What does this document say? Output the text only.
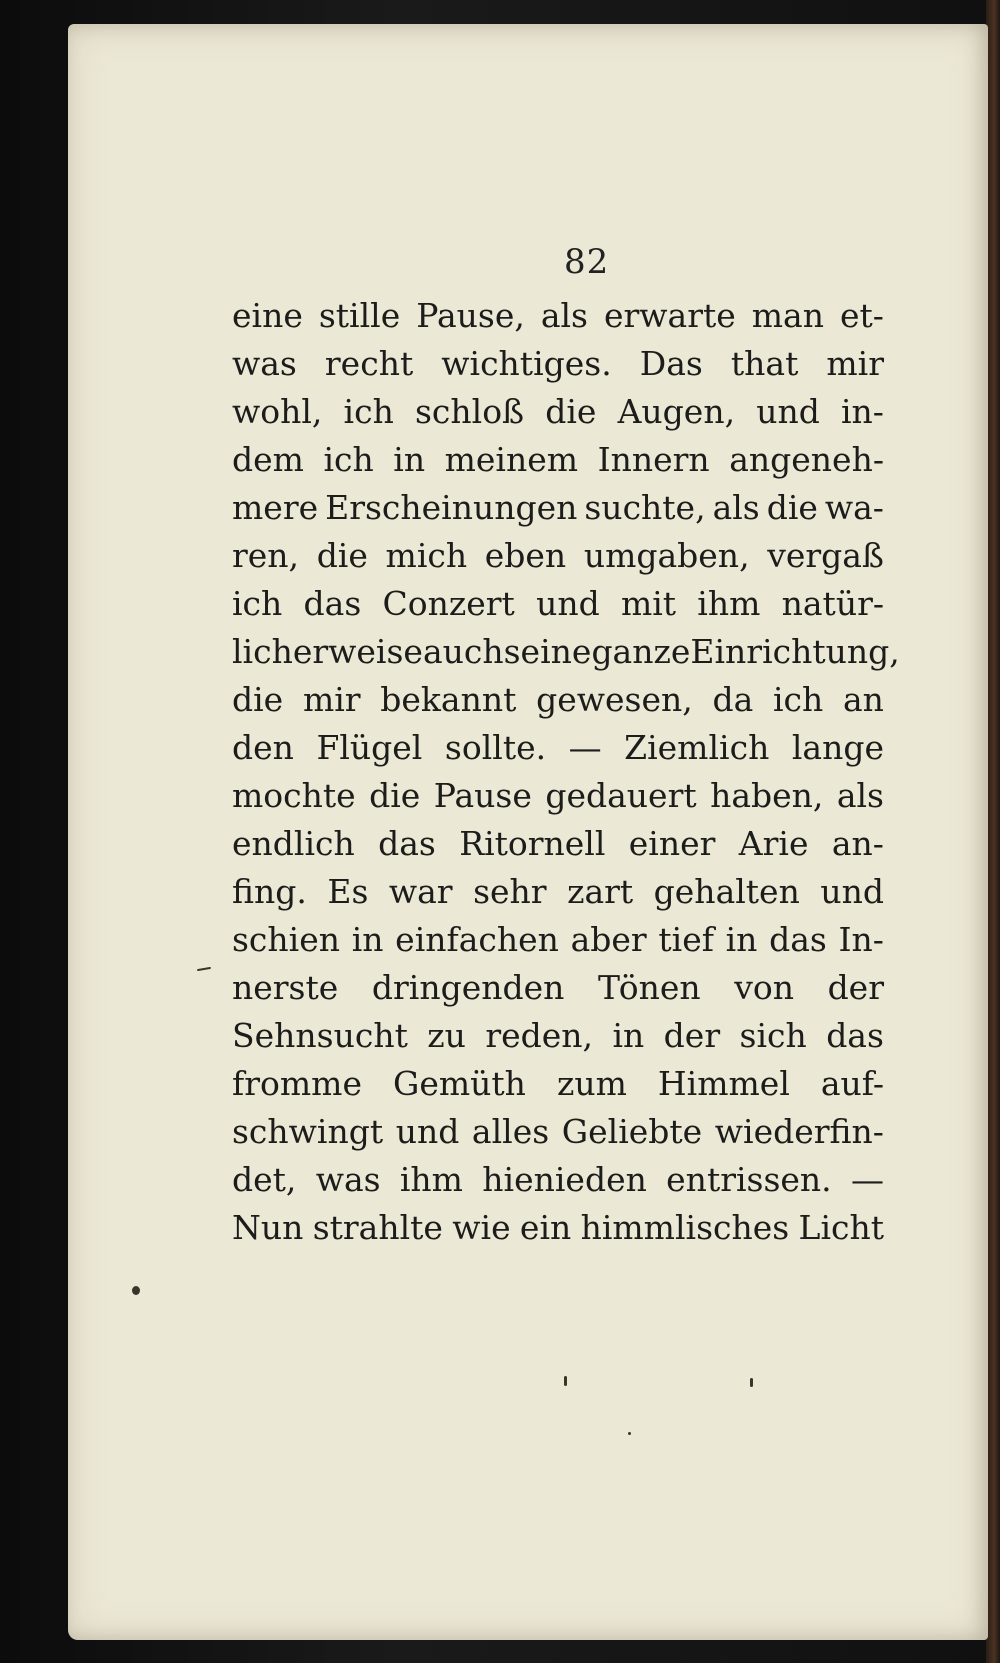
82
eine stille Pause, als erwarte man et-
was recht wichtiges. Das that mir
wohl, ich schloß die Augen, und in-
dem ich in meinem Innern angeneh-
mere Erscheinungen suchte, als die wa-
ren, die mich eben umgaben, vergaß
ich das Conzert und mit ihm natür-
licherweise auch seine ganze Einrichtung,
die mir bekannt gewesen, da ich an
den Flügel sollte. — Ziemlich lange
mochte die Pause gedauert haben, als
endlich das Ritornell einer Arie an-
fing. Es war sehr zart gehalten und
schien in einfachen aber tief in das In-
nerste dringenden Tönen von der
Sehnsucht zu reden, in der sich das
fromme Gemüth zum Himmel auf-
schwingt und alles Geliebte wiederfin-
det, was ihm hienieden entrissen. —
Nun strahlte wie ein himmlisches Licht
